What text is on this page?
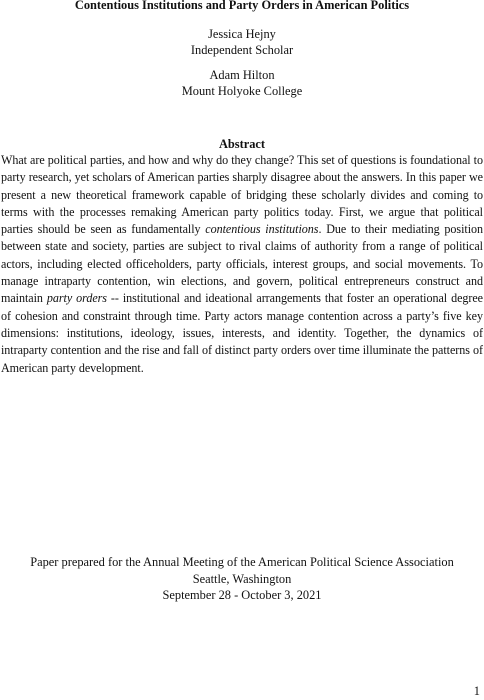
Contentious Institutions and Party Orders in American Politics
Jessica Hejny
Independent Scholar
Adam Hilton
Mount Holyoke College
Abstract

What are political parties, and how and why do they change? This set of questions is foundational to party research, yet scholars of American parties sharply disagree about the answers. In this paper we present a new theoretical framework capable of bridging these scholarly divides and coming to terms with the processes remaking American party politics today. First, we argue that political parties should be seen as fundamentally contentious institutions. Due to their mediating position between state and society, parties are subject to rival claims of authority from a range of political actors, including elected officeholders, party officials, interest groups, and social movements. To manage intraparty contention, win elections, and govern, political entrepreneurs construct and maintain party orders -- institutional and ideational arrangements that foster an operational degree of cohesion and constraint through time. Party actors manage contention across a party’s five key dimensions: institutions, ideology, issues, interests, and identity. Together, the dynamics of intraparty contention and the rise and fall of distinct party orders over time illuminate the patterns of American party development.

Paper prepared for the Annual Meeting of the American Political Science Association
Seattle, Washington
September 28 - October 3, 2021
1
